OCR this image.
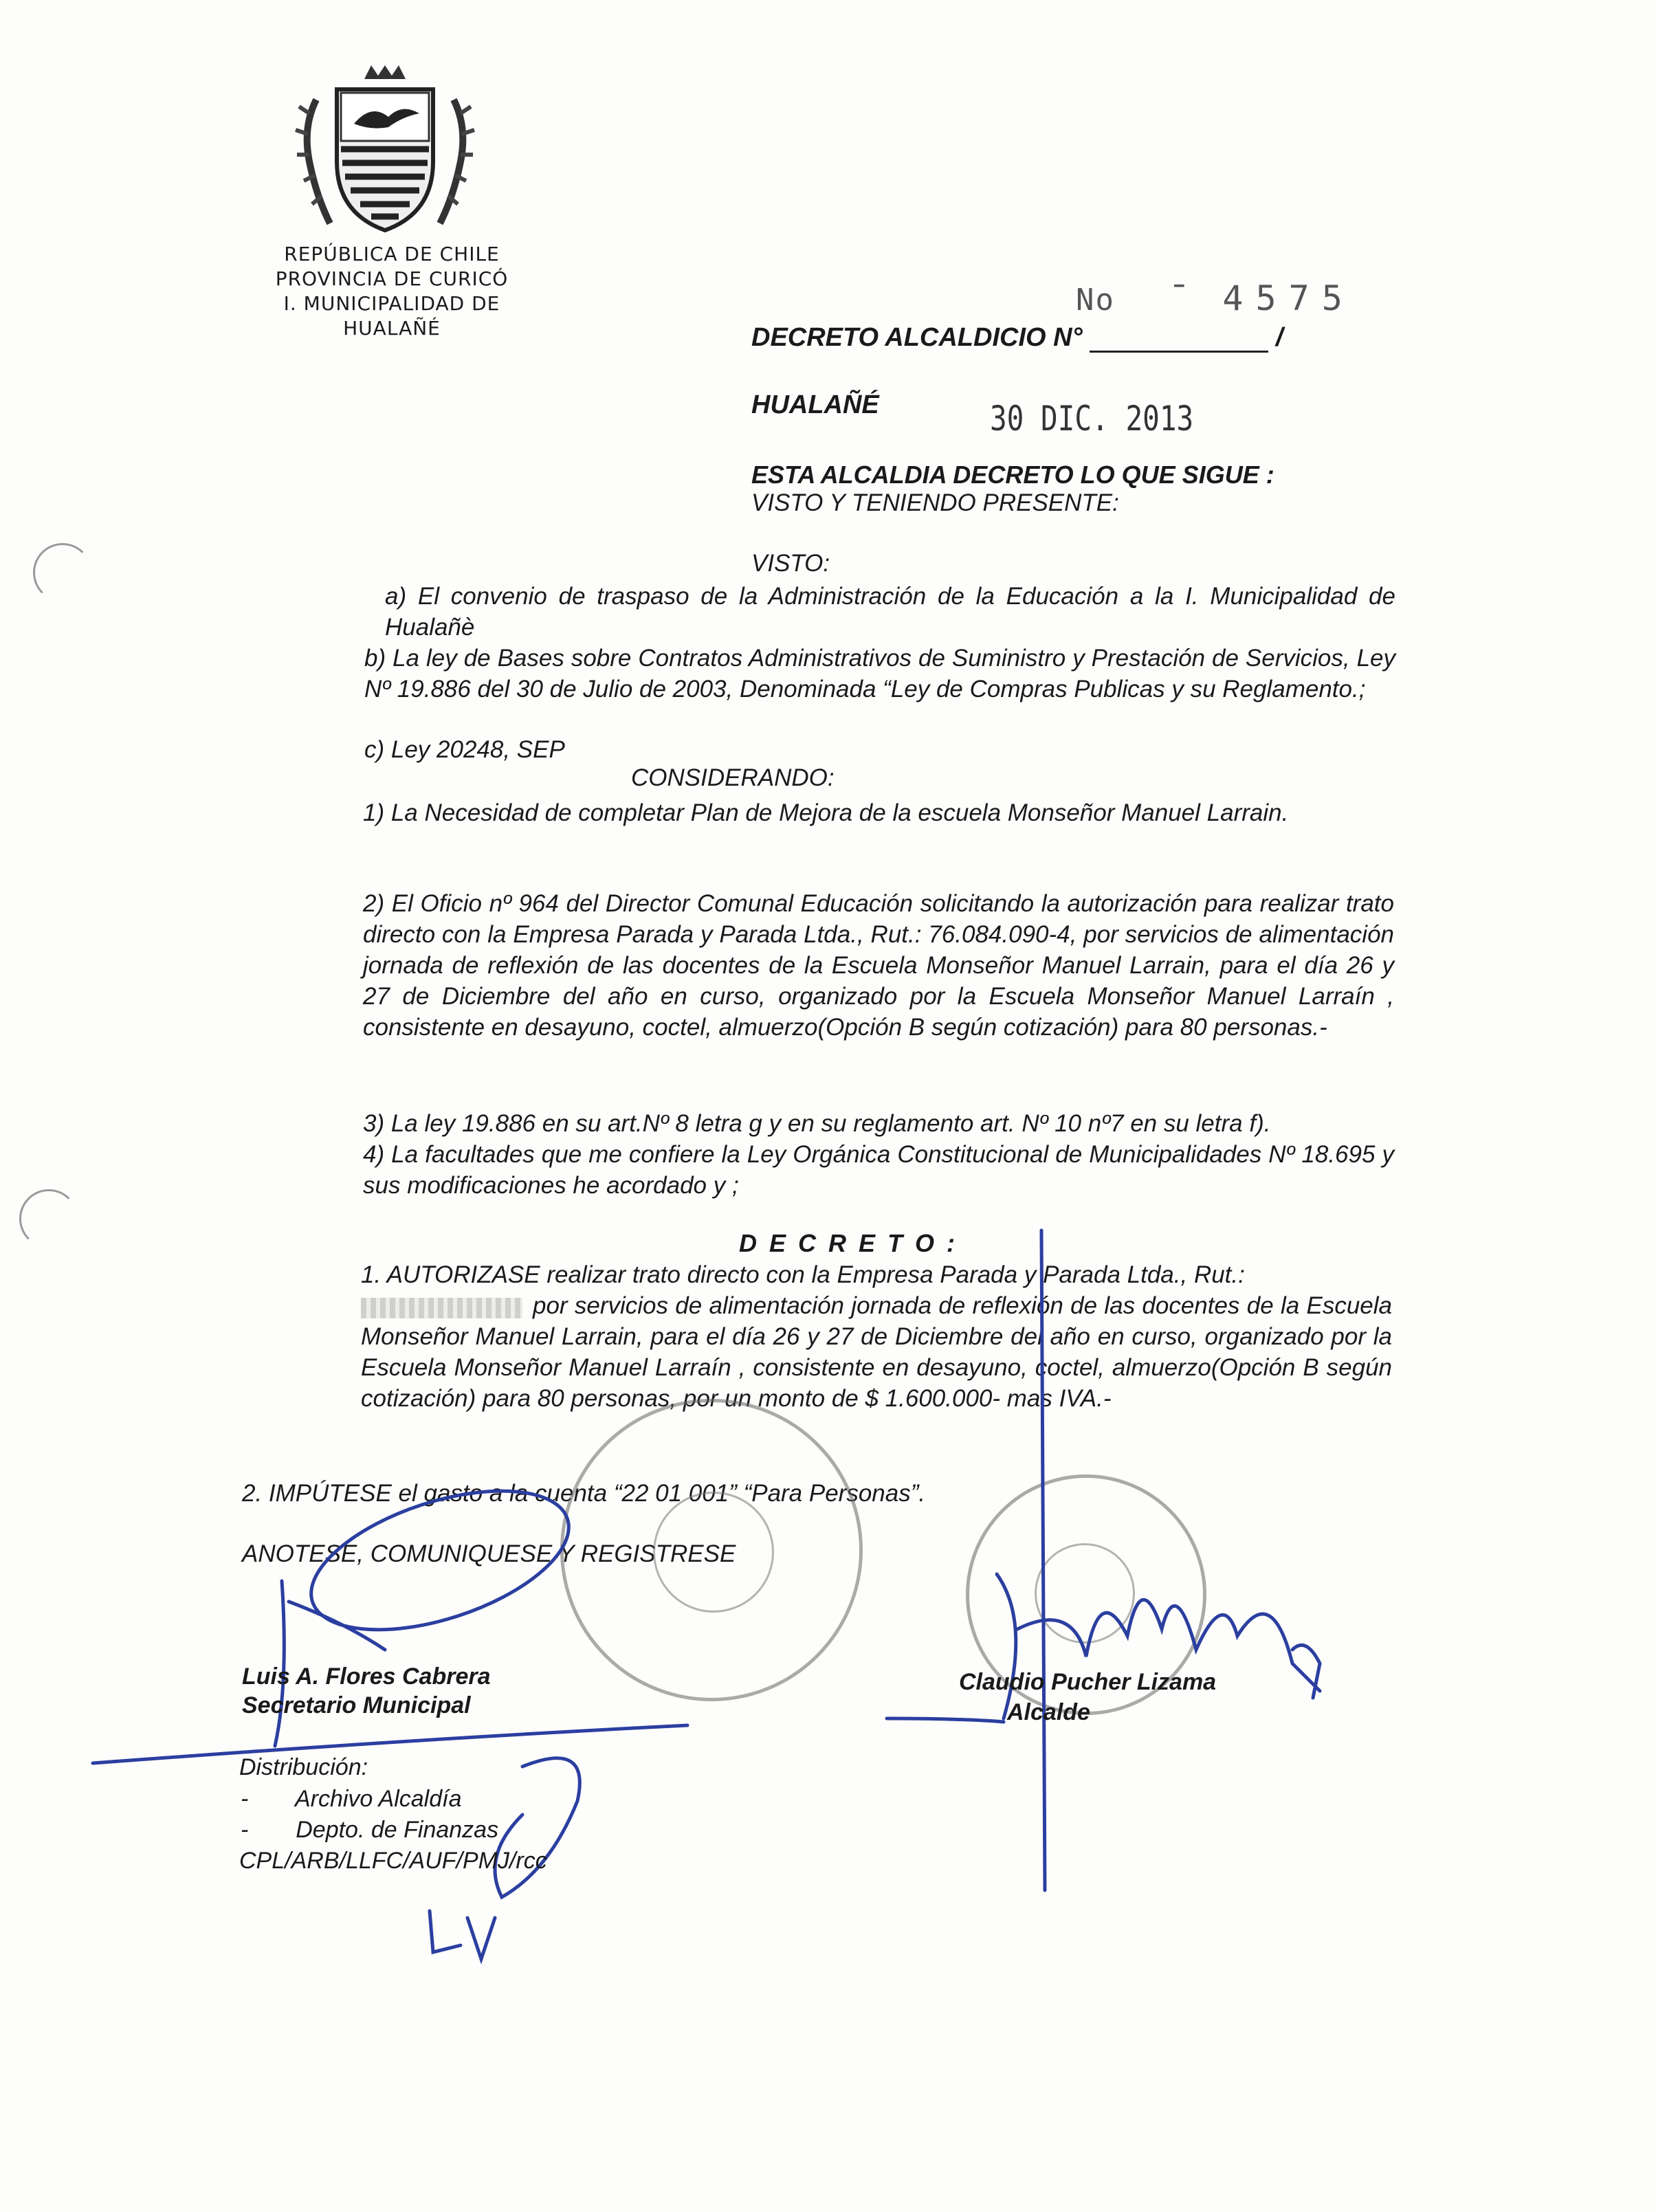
REPÚBLICA DE CHILE
PROVINCIA DE CURICÓ
I. MUNICIPALIDAD DE HUALAÑÉ
No  ¯ 4575
DECRETO ALCALDICIO N°	/
HUALAÑÉ	30 DIC. 2013
ESTA ALCALDIA DECRETO LO QUE SIGUE :
VISTO Y TENIENDO PRESENTE:
VISTO:
a) El convenio de traspaso de la Administración de la Educación a la I. Municipalidad de Hualañè
b) La ley de Bases sobre Contratos Administrativos de Suministro y Prestación de Servicios, Ley Nº 19.886 del 30 de Julio de 2003, Denominada “Ley de Compras Publicas y su Reglamento.;
c) Ley 20248, SEP
CONSIDERANDO:
1) La Necesidad de completar Plan de Mejora de la escuela Monseñor Manuel Larrain.
2) El Oficio nº 964 del Director Comunal Educación solicitando la autorización para realizar trato directo con la Empresa Parada y Parada Ltda., Rut.: 76.084.090-4, por servicios de alimentación jornada de reflexión de las docentes de la Escuela Monseñor Manuel Larrain, para el día 26 y 27 de Diciembre del año en curso, organizado por la Escuela Monseñor Manuel Larraín , consistente en desayuno, coctel, almuerzo(Opción B según cotización) para 80 personas.-
3) La ley 19.886 en su art.Nº 8 letra g y en su reglamento art. Nº 10 nº7 en su letra f).
4) La facultades que me confiere la Ley Orgánica Constitucional de Municipalidades Nº 18.695 y sus modificaciones he acordado y ;
D E C R E T O :
1. AUTORIZASE realizar trato directo con la Empresa Parada y Parada Ltda., Rut.:
por servicios de alimentación jornada de reflexión de las docentes de la Escuela Monseñor Manuel Larrain, para el día 26 y 27 de Diciembre del año en curso, organizado por la Escuela Monseñor Manuel Larraín , consistente en desayuno, coctel, almuerzo(Opción B según cotización) para 80 personas, por un monto de $ 1.600.000- mas IVA.-
2. IMPÚTESE el gasto a la cuenta “22 01 001” “Para Personas”.
ANOTESE, COMUNIQUESE Y REGISTRESE
Luis A. Flores Cabrera
Secretario Municipal
Claudio Pucher Lizama
Alcalde
Distribución:
- Archivo Alcaldía
- Depto. de Finanzas
CPL/ARB/LLFC/AUF/PMJ/rcc
